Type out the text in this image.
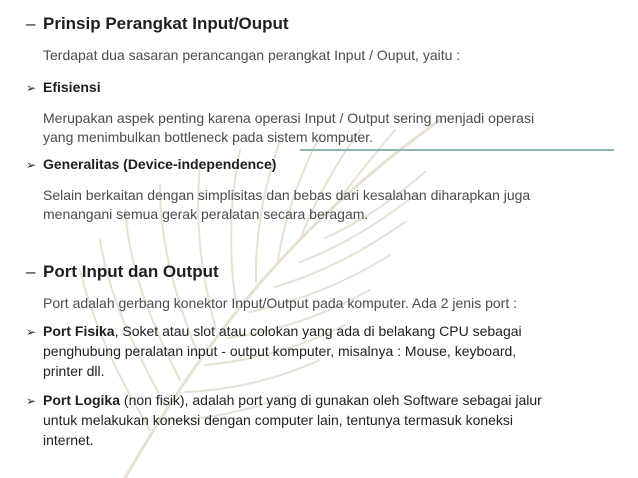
– Prinsip Perangkat Input/Ouput
Terdapat dua sasaran perancangan perangkat Input / Ouput, yaitu :
➢ Efisiensi
Merupakan aspek penting karena operasi Input / Output sering menjadi operasi
yang menimbulkan bottleneck pada sistem komputer.
➢ Generalitas (Device-independence)
Selain berkaitan dengan simplisitas dan bebas dari kesalahan diharapkan juga
menangani semua gerak peralatan secara beragam.
– Port Input dan Output
Port adalah gerbang konektor Input/Output pada komputer. Ada 2 jenis port :
➢ Port Fisika, Soket atau slot atau colokan yang ada di belakang CPU sebagai
penghubung peralatan input - output komputer, misalnya : Mouse, keyboard,
printer dll.
➢ Port Logika (non fisik), adalah port yang di gunakan oleh Software sebagai jalur
untuk melakukan koneksi dengan computer lain, tentunya termasuk koneksi
internet.
